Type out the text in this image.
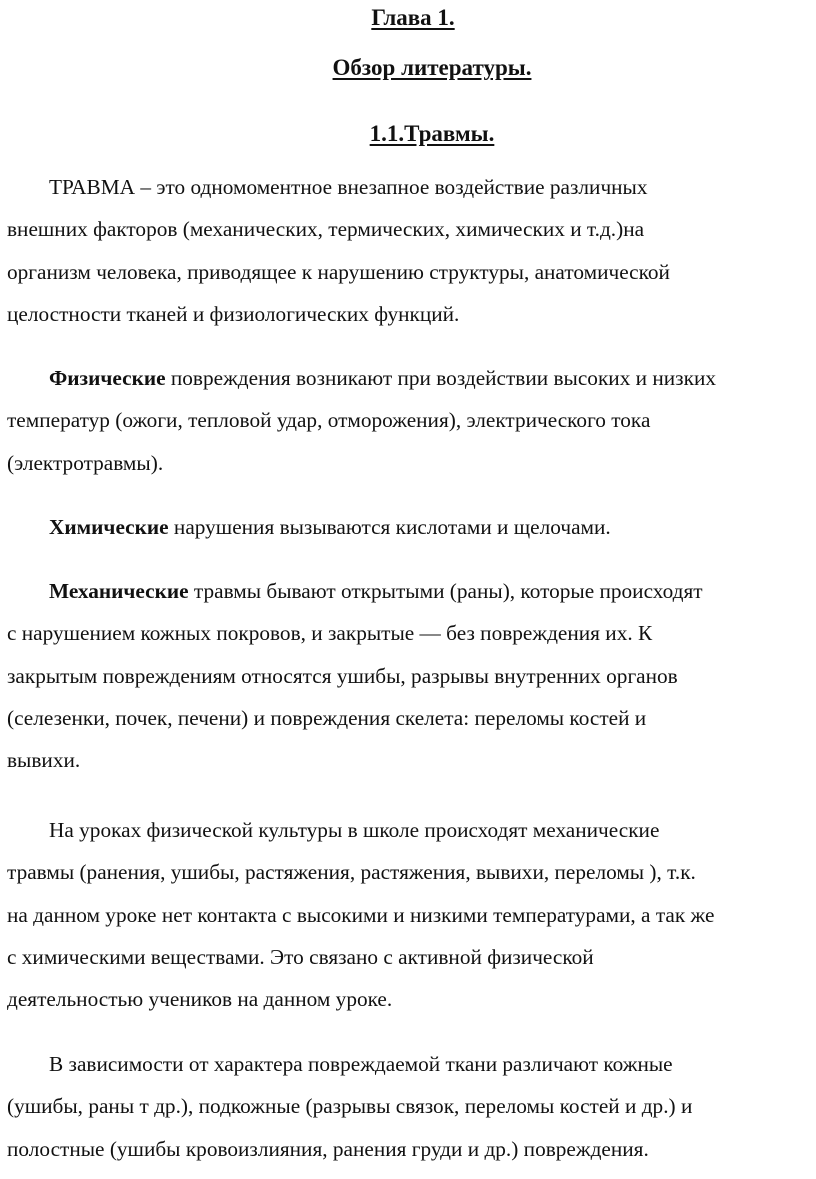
Глава 1.
Обзор литературы.
1.1.Травмы.

ТРАВМА – это одномоментное внезапное воздействие различных
внешних факторов (механических, термических, химических и т.д.)на
организм человека, приводящее к нарушению структуры, анатомической
целостности тканей и физиологических функций.

Физические повреждения возникают при воздействии высоких и низких
температур (ожоги, тепловой удар, отморожения), электрического тока
(электротравмы).

Химические нарушения вызываются кислотами и щелочами.

Механические травмы бывают открытыми (раны), которые происходят
с нарушением кожных покровов, и закрытые — без повреждения их. К
закрытым повреждениям относятся ушибы, разрывы внутренних органов
(селезенки, почек, печени) и повреждения скелета: переломы костей и
вывихи.

На уроках физической культуры в школе происходят механические
травмы (ранения, ушибы, растяжения, растяжения, вывихи, переломы ), т.к.
на данном уроке нет контакта с высокими и низкими температурами, а так же
с химическими веществами. Это связано с активной физической
деятельностью учеников на данном уроке.

В зависимости от характера повреждаемой ткани различают кожные
(ушибы, раны т др.), подкожные (разрывы связок, переломы костей и др.) и
полостные (ушибы кровоизлияния, ранения груди и др.) повреждения.
